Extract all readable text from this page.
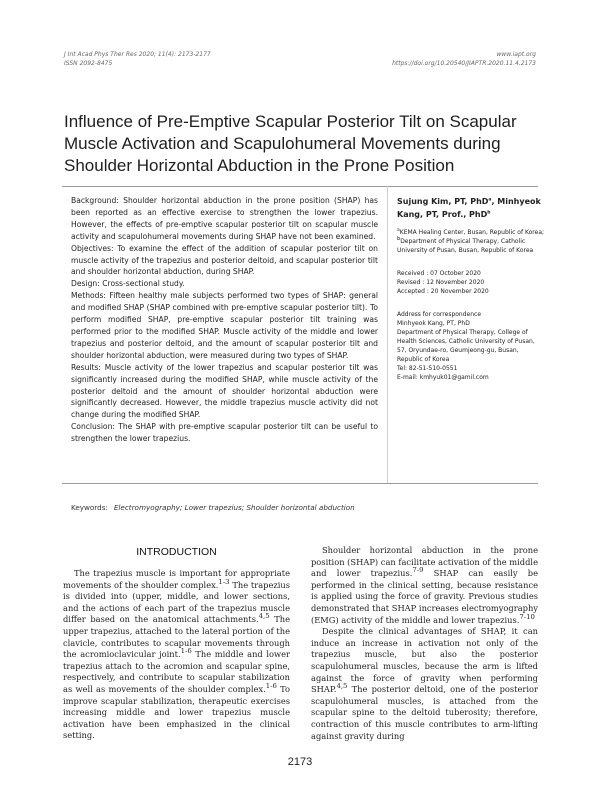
J Int Acad Phys Ther Res 2020; 11(4): 2173-2177
ISSN 2092-8475
www.iapt.org
https://doi.org/10.20540/JIAPTR.2020.11.4.2173
Influence of Pre-Emptive Scapular Posterior Tilt on Scapular Muscle Activation and Scapulohumeral Movements during Shoulder Horizontal Abduction in the Prone Position

Background: Shoulder horizontal abduction in the prone position (SHAP) has been reported as an effective exercise to strengthen the lower trapezius. However, the effects of pre-emptive scapular posterior tilt on scapular muscle activity and scapulohumeral movements during SHAP have not been examined.

Objectives: To examine the effect of the addition of scapular posterior tilt on muscle activity of the trapezius and posterior deltoid, and scapular posterior tilt and shoulder horizontal abduction, during SHAP.

Design: Cross-sectional study.

Methods: Fifteen healthy male subjects performed two types of SHAP: general and modified SHAP (SHAP combined with pre-emptive scapular posterior tilt). To perform modified SHAP, pre-emptive scapular posterior tilt training was performed prior to the modified SHAP. Muscle activity of the middle and lower trapezius and posterior deltoid, and the amount of scapular posterior tilt and shoulder horizontal abduction, were measured during two types of SHAP.

Results: Muscle activity of the lower trapezius and scapular posterior tilt was significantly increased during the modified SHAP, while muscle activity of the posterior deltoid and the amount of shoulder horizontal abduction were significantly decreased. However, the middle trapezius muscle activity did not change during the modified SHAP.

Conclusion: The SHAP with pre-emptive scapular posterior tilt can be useful to strengthen the lower trapezius.

Sujung Kim, PT, PhD$^a$, Minhyeok Kang, PT, Prof., PhD$^b$

$^a$KEMA Healing Center, Busan, Republic of Korea;

$^b$Department of Physical Therapy, Catholic University of Pusan, Busan, Republic of Korea

Received : 07 October 2020

Revised : 12 November 2020

Accepted : 20 November 2020

Address for correspondence

Minhyeok Kang, PT, PhD

Department of Physical Therapy, College of Health Sciences, Catholic University of Pusan, 57, Oryundae-ro, Geumjeong-gu, Busan, Republic of Korea

Tel: 82-51-510-0551

E-mail: kmhyuk01@gamil.com

Keywords: Electromyography; Lower trapezius; Shoulder horizontal abduction
INTRODUCTION

The trapezius muscle is important for appropriate movements of the shoulder complex.$^{1-3}$ The trapezius is divided into (upper, middle, and lower sections, and the actions of each part of the trapezius muscle differ based on the anatomical attachments.$^{4,5}$ The upper trapezius, attached to the lateral portion of the clavicle, contributes to scapular movements through the acromioclavicular joint.$^{1-6}$ The middle and lower trapezius attach to the acromion and scapular spine, respectively, and contribute to scapular stabilization as well as movements of the shoulder complex.$^{1-6}$ To improve scapular stabilization, therapeutic exercises increasing middle and lower trapezius muscle activation have been emphasized in the clinical setting.

Shoulder horizontal abduction in the prone position (SHAP) can facilitate activation of the middle and lower trapezius.$^{7-9}$ SHAP can easily be performed in the clinical setting, because resistance is applied using the force of gravity. Previous studies demonstrated that SHAP increases electromyography (EMG) activity of the middle and lower trapezius.$^{7-10}$

Despite the clinical advantages of SHAP, it can induce an increase in activation not only of the trapezius muscle, but also the posterior scapulohumeral muscles, because the arm is lifted against the force of gravity when performing SHAP.$^{4,5}$ The posterior deltoid, one of the posterior scapulohumeral muscles, is attached from the scapular spine to the deltoid tuberosity; therefore, contraction of this muscle contributes to arm-lifting against gravity during

2173
